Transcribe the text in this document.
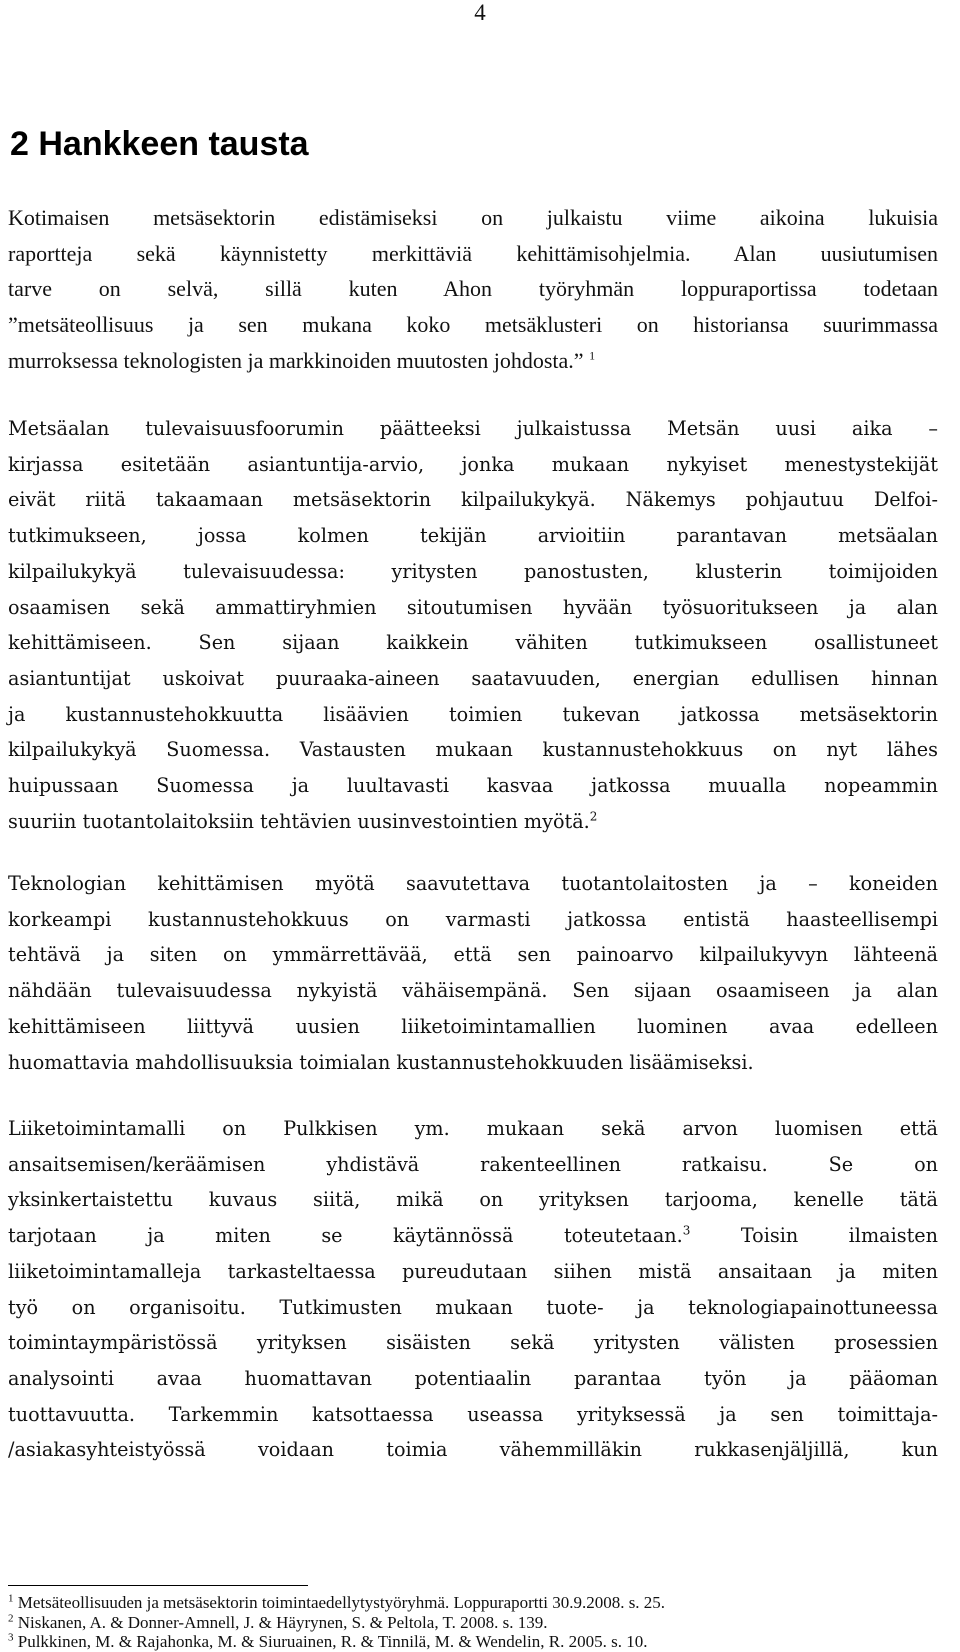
4
2 Hankkeen tausta
Kotimaisen metsäsektorin edistämiseksi on julkaistu viime aikoina lukuisia
raportteja sekä käynnistetty merkittäviä kehittämisohjelmia. Alan uusiutumisen
tarve on selvä, sillä kuten Ahon työryhmän loppuraportissa todetaan
”metsäteollisuus ja sen mukana koko metsäklusteri on historiansa suurimmassa
murroksessa teknologisten ja markkinoiden muutosten johdosta.” $^1$
Metsäalan tulevaisuusfoorumin päätteeksi julkaistussa Metsän uusi aika –
kirjassa esitetään asiantuntija-arvio, jonka mukaan nykyiset menestystekijät
eivät riitä takaamaan metsäsektorin kilpailukykyä. Näkemys pohjautuu Delfoi-
tutkimukseen, jossa kolmen tekijän arvioitiin parantavan metsäalan
kilpailukykyä tulevaisuudessa: yritysten panostusten, klusterin toimijoiden
osaamisen sekä ammattiryhmien sitoutumisen hyvään työsuoritukseen ja alan
kehittämiseen. Sen sijaan kaikkein vähiten tutkimukseen osallistuneet
asiantuntijat uskoivat puuraaka-aineen saatavuuden, energian edullisen hinnan
ja kustannustehokkuutta lisäävien toimien tukevan jatkossa metsäsektorin
kilpailukykyä Suomessa. Vastausten mukaan kustannustehokkuus on nyt lähes
huipussaan Suomessa ja luultavasti kasvaa jatkossa muualla nopeammin
suuriin tuotantolaitoksiin tehtävien uusinvestointien myötä.$^2$
Teknologian kehittämisen myötä saavutettava tuotantolaitosten ja – koneiden
korkeampi kustannustehokkuus on varmasti jatkossa entistä haasteellisempi
tehtävä ja siten on ymmärrettävää, että sen painoarvo kilpailukyvyn lähteenä
nähdään tulevaisuudessa nykyistä vähäisempänä. Sen sijaan osaamiseen ja alan
kehittämiseen liittyvä uusien liiketoimintamallien luominen avaa edelleen
huomattavia mahdollisuuksia toimialan kustannustehokkuuden lisäämiseksi.
Liiketoimintamalli on Pulkkisen ym. mukaan sekä arvon luomisen että
ansaitsemisen/keräämisen yhdistävä rakenteellinen ratkaisu. Se on
yksinkertaistettu kuvaus siitä, mikä on yrityksen tarjooma, kenelle tätä
tarjotaan ja miten se käytännössä toteutetaan.$^3$ Toisin ilmaisten
liiketoimintamalleja tarkasteltaessa pureudutaan siihen mistä ansaitaan ja miten
työ on organisoitu. Tutkimusten mukaan tuote- ja teknologiapainottuneessa
toimintaympäristössä yrityksen sisäisten sekä yritysten välisten prosessien
analysointi avaa huomattavan potentiaalin parantaa työn ja pääoman
tuottavuutta. Tarkemmin katsottaessa useassa yrityksessä ja sen toimittaja-
/asiakasyhteistyössä voidaan toimia vähemmilläkin rukkasenjäljillä, kun
$^1$ Metsäteollisuuden ja metsäsektorin toimintaedellytystyöryhmä. Loppuraportti 30.9.2008. s. 25.
$^2$ Niskanen, A. & Donner-Amnell, J. & Häyrynen, S. & Peltola, T. 2008. s. 139.
$^3$ Pulkkinen, M. & Rajahonka, M. & Siuruainen, R. & Tinnilä, M. & Wendelin, R. 2005. s. 10.
